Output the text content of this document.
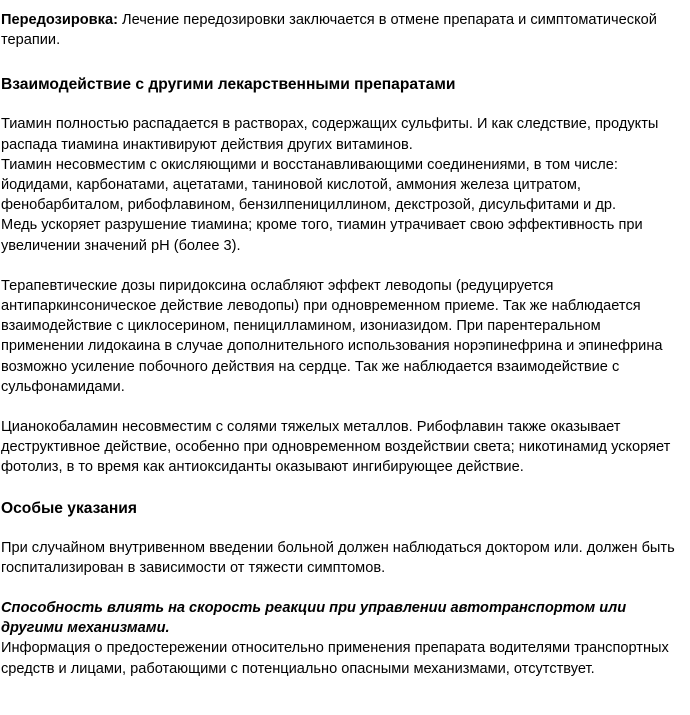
Передозировка: Лечение передозировки заключается в отмене препарата и симптоматической терапии.

Взаимодействие с другими лекарственными препаратами

Тиамин полностью распадается в растворах, содержащих сульфиты. И как следствие, продукты распада тиамина инактивируют действия других витаминов.

Тиамин несовместим с окисляющими и восстанавливающими соединениями, в том числе: йодидами, карбонатами, ацетатами, таниновой кислотой, аммония железа цитратом, фенобарбиталом, рибофлавином, бензилпенициллином, декстрозой, дисульфитами и др.

Медь ускоряет разрушение тиамина; кроме того, тиамин утрачивает свою эффективность при увеличении значений pH (более 3).

Терапевтические дозы пиридоксина ослабляют эффект леводопы (редуцируется антипаркинсоническое действие леводопы) при одновременном приеме. Так же наблюдается взаимодействие с циклосерином, пеницилламином, изониазидом. При парентеральном применении лидокаина в случае дополнительного использования норэпинефрина и эпинефрина возможно усиление побочного действия на сердце. Так же наблюдается взаимодействие с сульфонамидами.

Цианокобаламин несовместим с солями тяжелых металлов. Рибофлавин также оказывает деструктивное действие, особенно при одновременном воздействии света; никотинамид ускоряет фотолиз, в то время как антиоксиданты оказывают ингибирующее действие.

Особые указания

При случайном внутривенном введении больной должен наблюдаться доктором или. должен быть госпитализирован в зависимости от тяжести симптомов.

Способность влиять на скорость реакции при управлении автотранспортом или другими механизмами.

Информация о предостережении относительно применения препарата водителями транспортных средств и лицами, работающими с потенциально опасными механизмами, отсутствует.
